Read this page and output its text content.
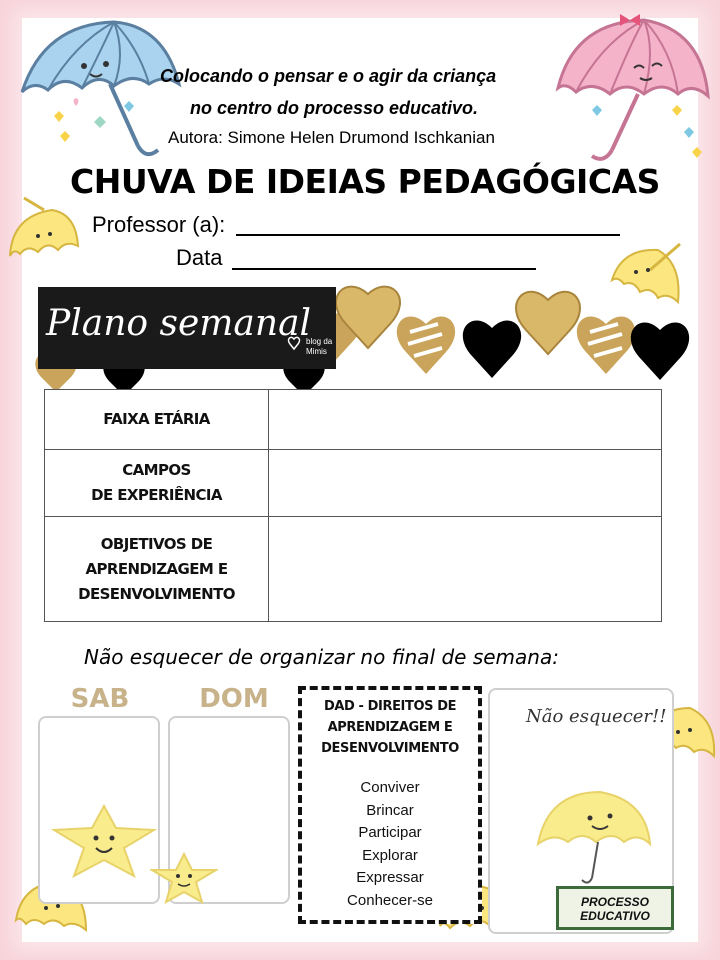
Colocando o pensar e o agir da criança
no centro do processo educativo.
Autora: Simone Helen Drumond Ischkanian
CHUVA DE IDEIAS PEDAGÓGICAS
Professor (a):
Data
Plano semanal
blog da
Mimis
FAIXA ETÁRIA	

CAMPOS
DE EXPERIÊNCIA	

OBJETIVOS DE
APRENDIZAGEM E
DESENVOLVIMENTO	

Não esquecer de organizar no final de semana:
SAB	DOM	DAD - DIREITOS DE
APRENDIZAGEM E
DESENVOLVIMENTO
Conviver
Brincar
Participar
Explorar
Expressar
Conhecer-se
Não esquecer!!
PROCESSO
EDUCATIVO
